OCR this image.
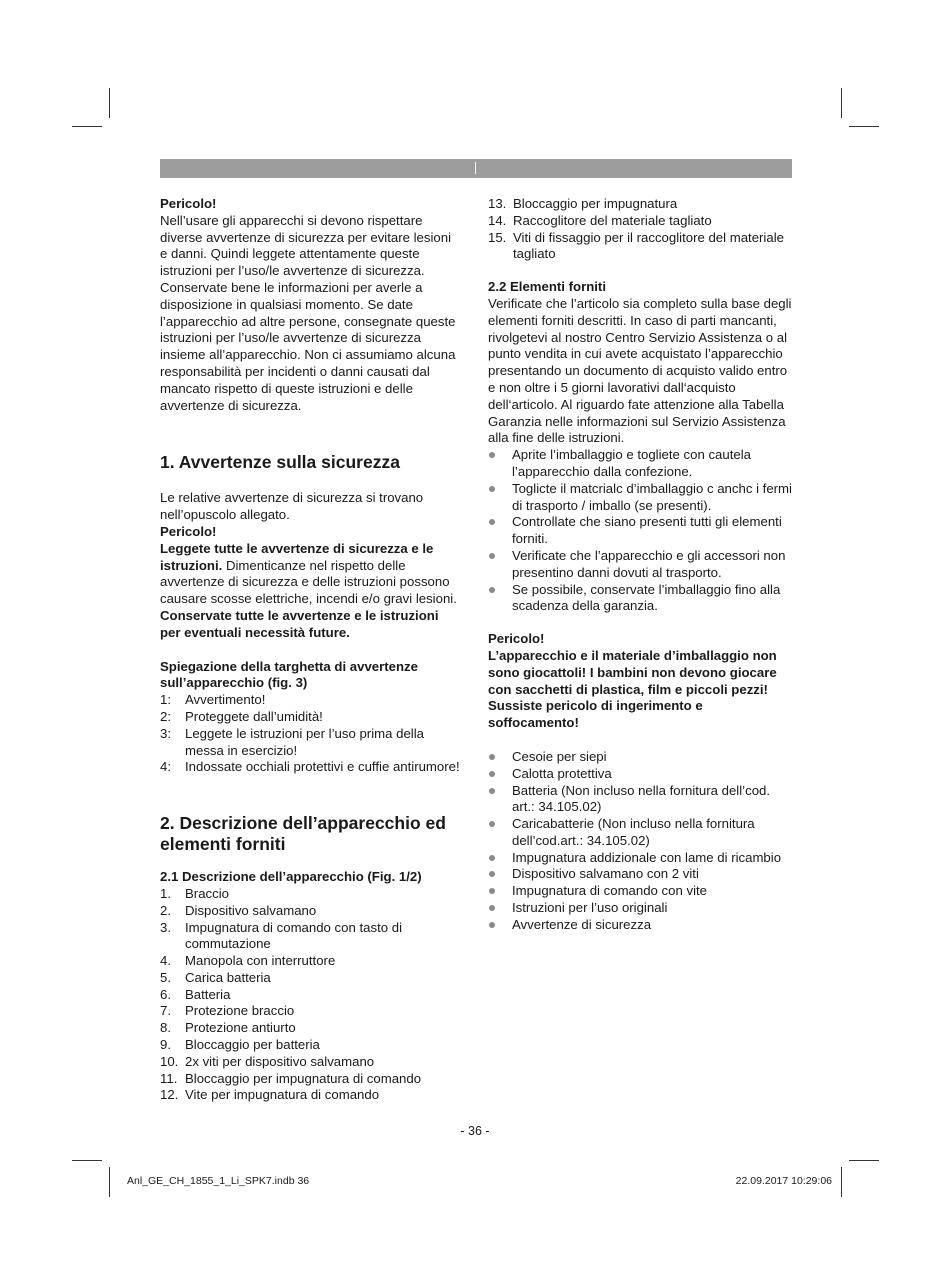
Pericolo!

Nell’usare gli apparecchi si devono rispettare diverse avvertenze di sicurezza per evitare lesioni e danni. Quindi leggete attentamente queste istruzioni per l’uso/le avvertenze di sicurezza. Conservate bene le informazioni per averle a disposizione in qualsiasi momento. Se date l’apparecchio ad altre persone, consegnate queste istruzioni per l’uso/le avvertenze di sicurezza insieme all’apparecchio. Non ci assumiamo alcuna responsabilità per incidenti o danni causati dal mancato rispetto di queste istruzioni e delle avvertenze di sicurezza.

1. Avvertenze sulla sicurezza

Le relative avvertenze di sicurezza si trovano nell’opuscolo allegato.

Pericolo!

Leggete tutte le avvertenze di sicurezza e le istruzioni. Dimenticanze nel rispetto delle avvertenze di sicurezza e delle istruzioni possono causare scosse elettriche, incendi e/o gravi lesioni.

Conservate tutte le avvertenze e le istruzioni per eventuali necessità future.

Spiegazione della targhetta di avvertenze sull’apparecchio (fig. 3)

1: Avvertimento!
2: Proteggete dall’umidità!
3: Leggete le istruzioni per l’uso prima della messa in esercizio!
4: Indossate occhiali protettivi e cuffie antirumore!
2. Descrizione dell’apparecchio ed elementi forniti

2.1 Descrizione dell’apparecchio (Fig. 1/2)

1. Braccio
2. Dispositivo salvamano
3. Impugnatura di comando con tasto di commutazione
4. Manopola con interruttore
5. Carica batteria
6. Batteria
7. Protezione braccio
8. Protezione antiurto
9. Bloccaggio per batteria
10. 2x viti per dispositivo salvamano
11. Bloccaggio per impugnatura di comando
12. Vite per impugnatura di comando
13. Bloccaggio per impugnatura
14. Raccoglitore del materiale tagliato
15. Viti di fissaggio per il raccoglitore del materiale tagliato

2.2 Elementi forniti

Verificate che l’articolo sia completo sulla base degli elementi forniti descritti. In caso di parti mancanti, rivolgetevi al nostro Centro Servizio Assistenza o al punto vendita in cui avete acquistato l’apparecchio presentando un documento di acquisto valido entro e non oltre i 5 giorni lavorativi dall‘acquisto dell‘articolo. Al riguardo fate attenzione alla Tabella Garanzia nelle informazioni sul Servizio Assistenza alla fine delle istruzioni.

Aprite l’imballaggio e togliete con cautela l’apparecchio dalla confezione.
Toglicte il matcrialc d’imballaggio c anchc i fermi di trasporto / imballo (se presenti).
Controllate che siano presenti tutti gli elementi forniti.
Verificate che l’apparecchio e gli accessori non presentino danni dovuti al trasporto.
Se possibile, conservate l’imballaggio fino alla scadenza della garanzia.

Pericolo!

L’apparecchio e il materiale d’imballaggio non sono giocattoli! I bambini non devono giocare con sacchetti di plastica, film e piccoli pezzi! Sussiste pericolo di ingerimento e soffocamento!

Cesoie per siepi
Calotta protettiva
Batteria (Non incluso nella fornitura dell’cod. art.: 34.105.02)
Caricabatterie (Non incluso nella fornitura dell’cod.art.: 34.105.02)
Impugnatura addizionale con lame di ricambio
Dispositivo salvamano con 2 viti
Impugnatura di comando con vite
Istruzioni per l’uso originali
Avvertenze di sicurezza
- 36 -
Anl_GE_CH_1855_1_Li_SPK7.indb 36	22.09.2017 10:29:06
